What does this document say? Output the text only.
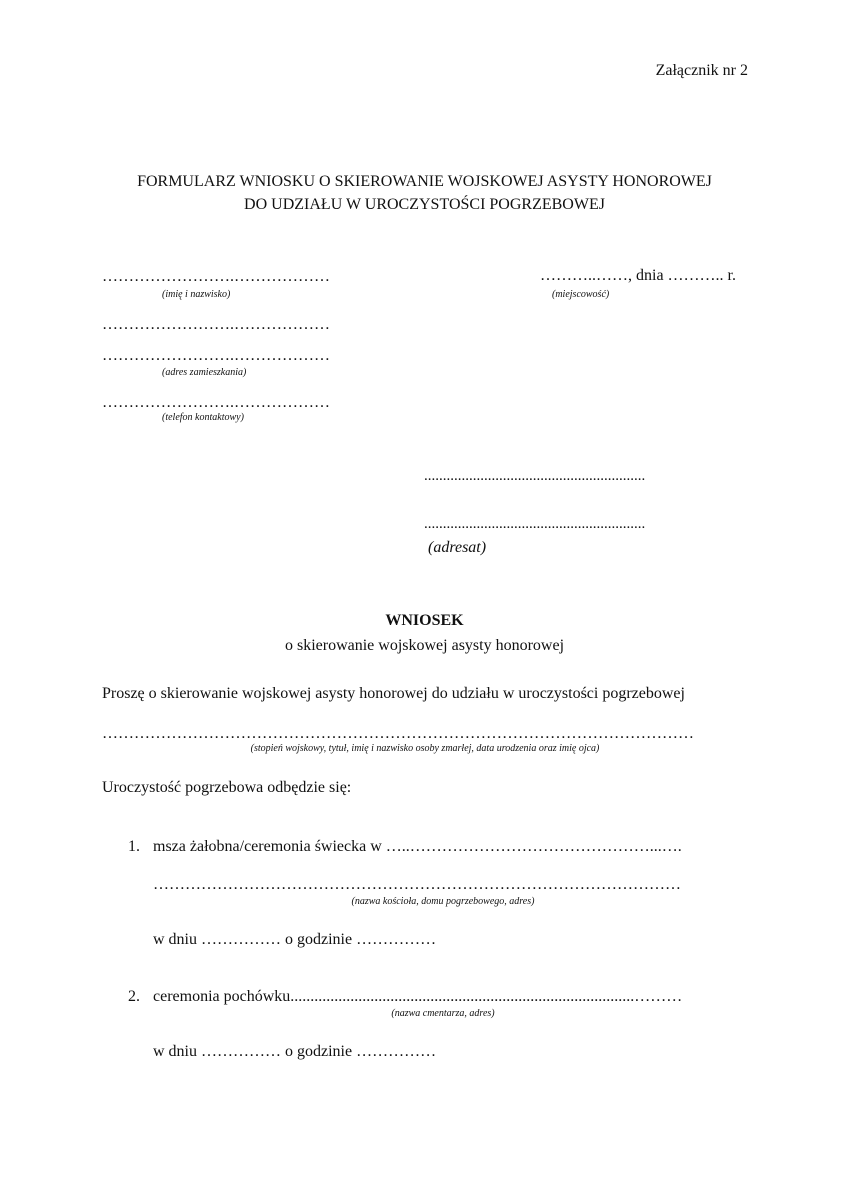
Załącznik nr 2
FORMULARZ WNIOSKU O SKIEROWANIE WOJSKOWEJ ASYSTY HONOROWEJ
DO UDZIAŁU W UROCZYSTOŚCI POGRZEBOWEJ
…………………….………………
(imię i nazwisko)
…………………….………………
…………………….………………
(adres zamieszkania)
…………………….………………
(telefon kontaktowy)
………..……, dnia ……….. r.
(miejscowość)
...........................................................
...........................................................
(adresat)
WNIOSEK
o skierowanie wojskowej asysty honorowej
Proszę o skierowanie wojskowej asysty honorowej do udziału w uroczystości pogrzebowej
…………………………………………………………………………………………………
(stopień wojskowy, tytuł, imię i nazwisko osoby zmarłej, data urodzenia oraz imię ojca)
Uroczystość pogrzebowa odbędzie się:
1. msza żałobna/ceremonia świecka w …..………………………………………...….
………………………………………………………………………………………
(nazwa kościoła, domu pogrzebowego, adres)
w dniu …………… o godzinie ……………
2. ceremonia pochówku......................................................................................………
(nazwa cmentarza, adres)
w dniu …………… o godzinie ……………
